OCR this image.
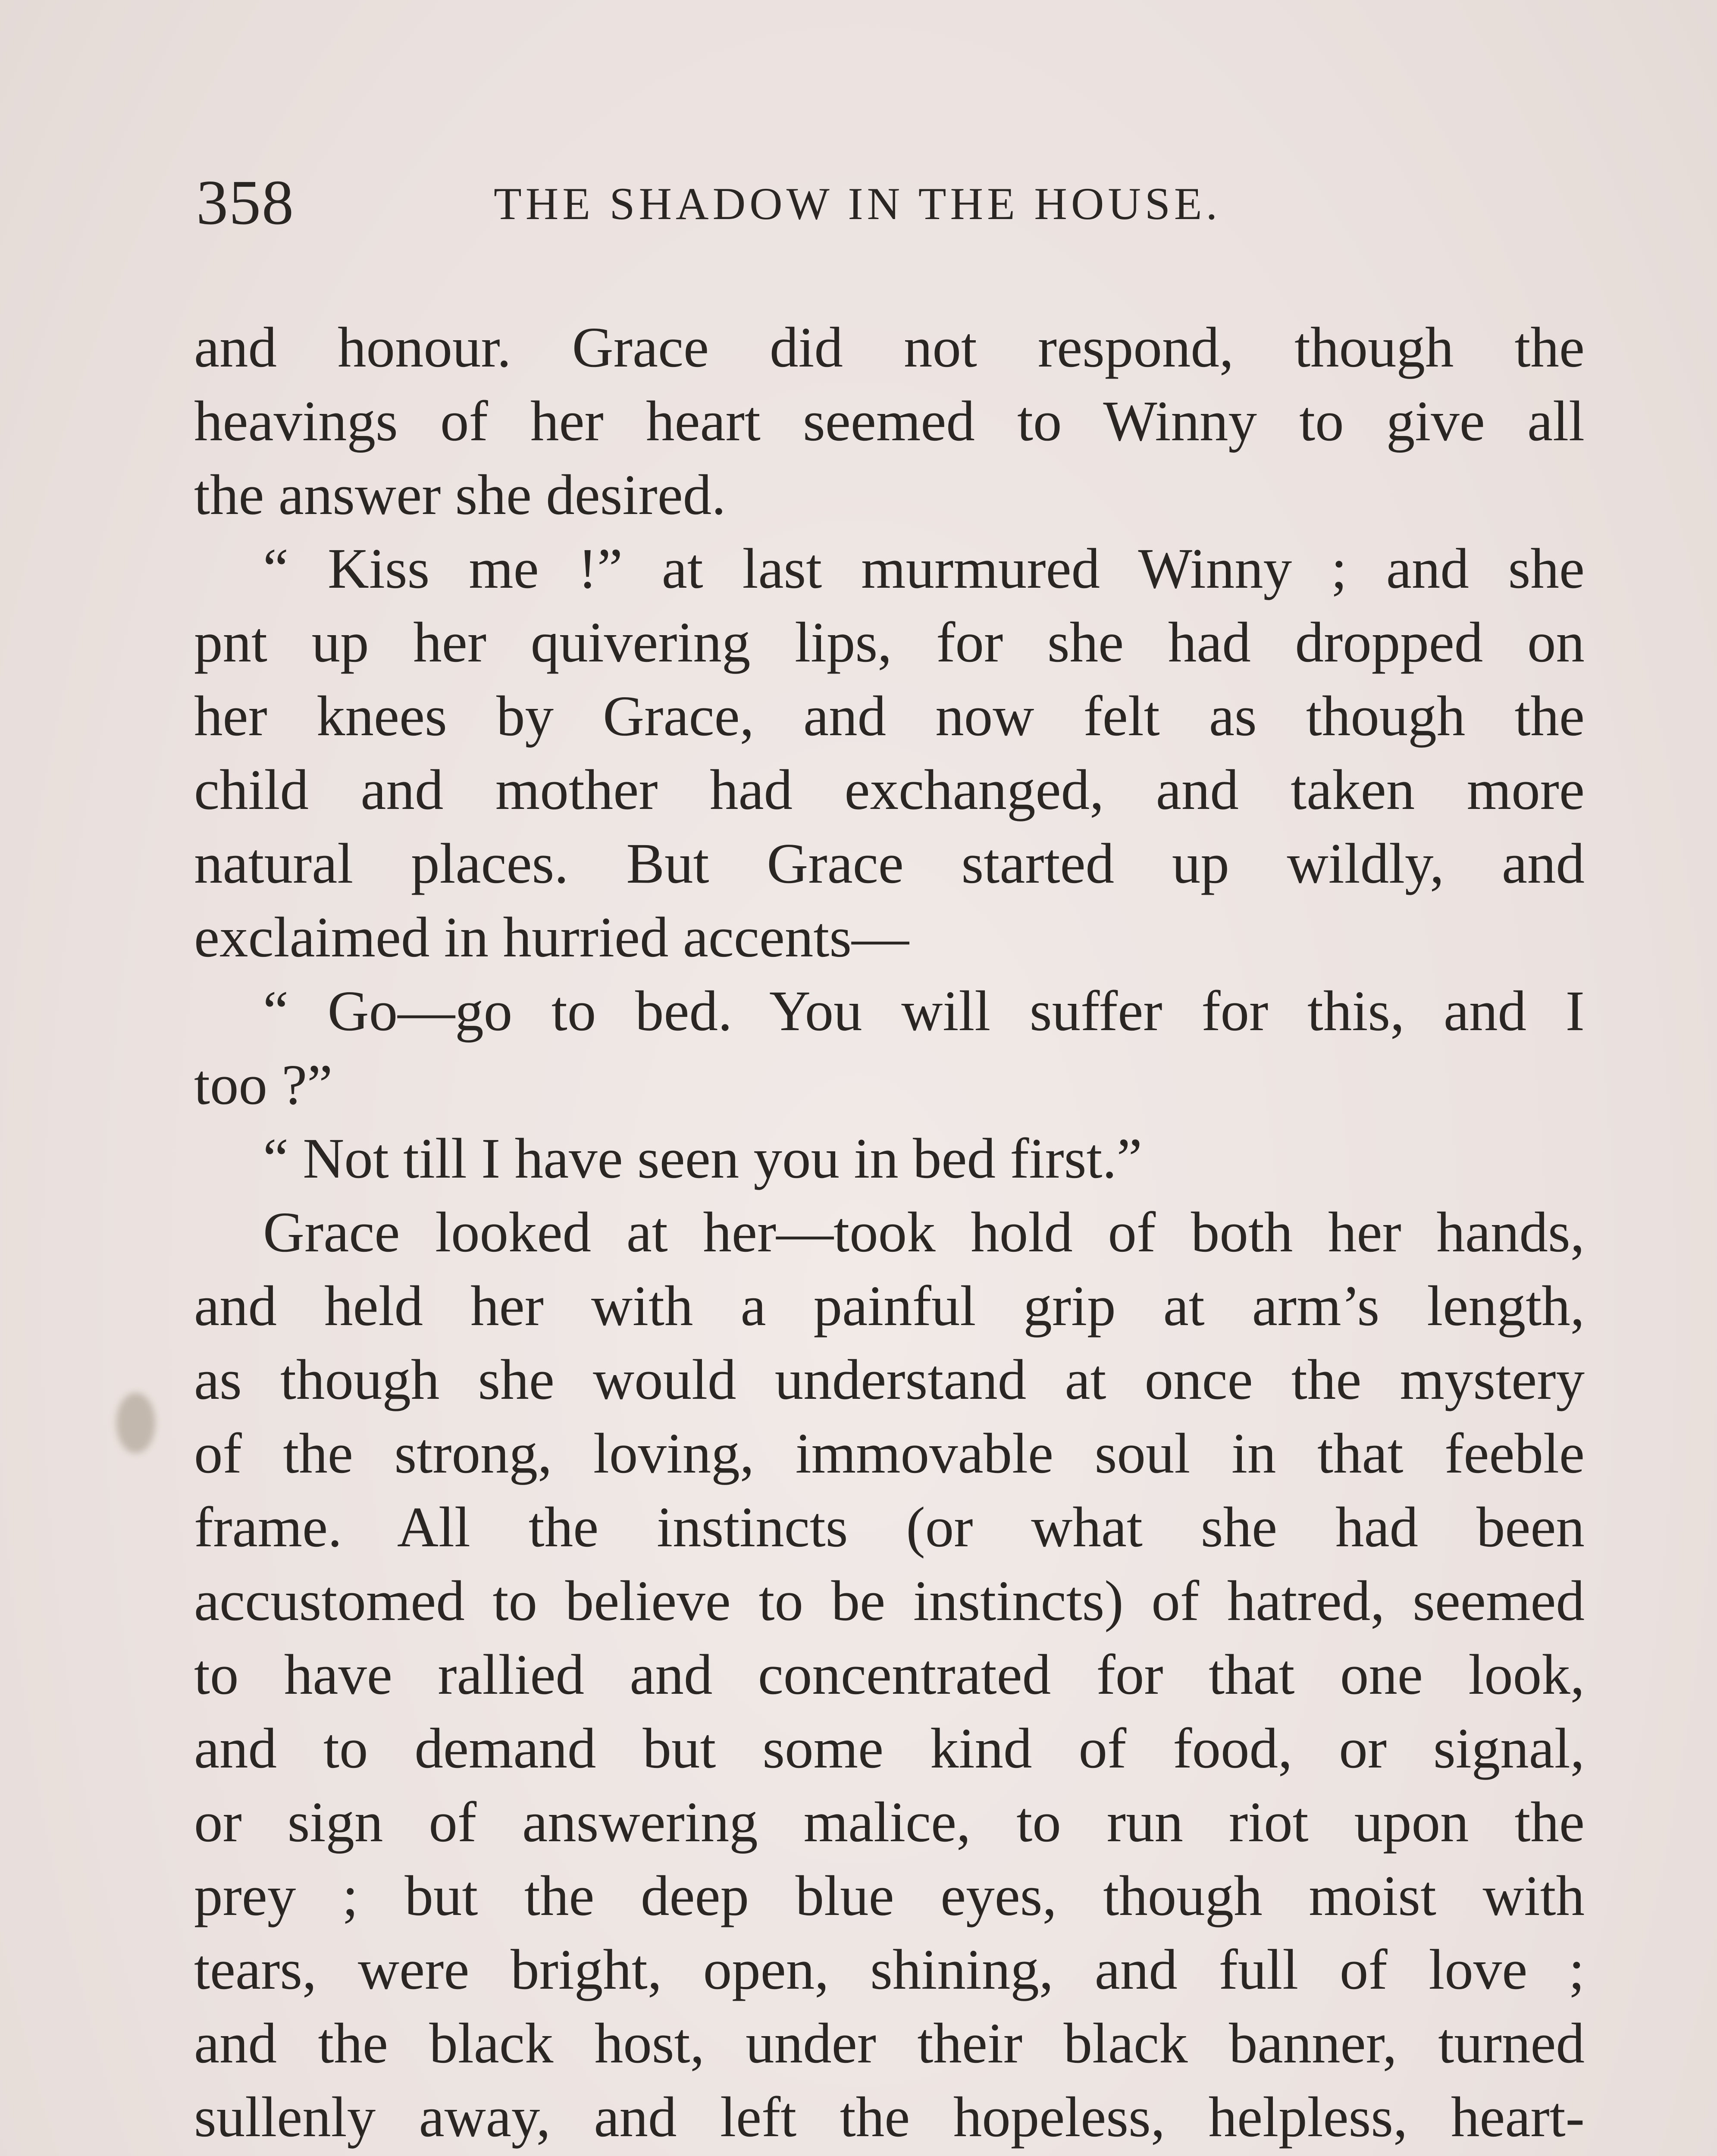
358	THE SHADOW IN THE HOUSE.
and honour. Grace did not respond, though the
heavings of her heart seemed to Winny to give all
the answer she desired.
“ Kiss me !” at last murmured Winny ; and she
pnt up her quivering lips, for she had dropped on
her knees by Grace, and now felt as though the
child and mother had exchanged, and taken more
natural places. But Grace started up wildly, and
exclaimed in hurried accents—
“ Go—go to bed. You will suffer for this, and I
too ?”
“ Not till I have seen you in bed first.”
Grace looked at her—took hold of both her hands,
and held her with a painful grip at arm’s length,
as though she would understand at once the mystery
of the strong, loving, immovable soul in that feeble
frame. All the instincts (or what she had been
accustomed to believe to be instincts) of hatred, seemed
to have rallied and concentrated for that one look,
and to demand but some kind of food, or signal,
or sign of answering malice, to run riot upon the
prey ; but the deep blue eyes, though moist with
tears, were bright, open, shining, and full of love ;
and the black host, under their black banner, turned
sullenly away, and left the hopeless, helpless, heart-
